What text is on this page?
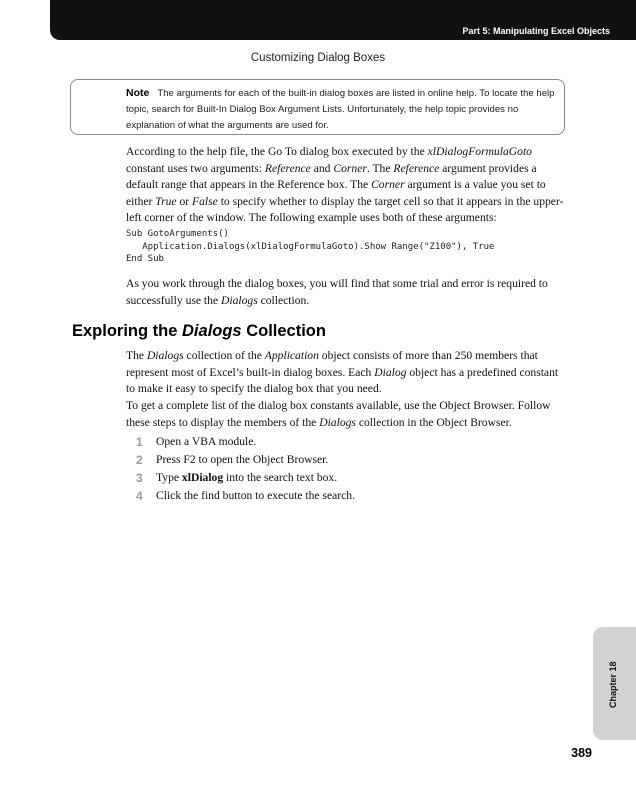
Part 5: Manipulating Excel Objects
Customizing Dialog Boxes
Note The arguments for each of the built-in dialog boxes are listed in online help. To locate the help topic, search for Built-In Dialog Box Argument Lists. Unfortunately, the help topic provides no explanation of what the arguments are used for.
According to the help file, the Go To dialog box executed by the xlDialogFormulaGoto constant uses two arguments: Reference and Corner. The Reference argument provides a default range that appears in the Reference box. The Corner argument is a value you set to either True or False to specify whether to display the target cell so that it appears in the upper-left corner of the window. The following example uses both of these arguments:
Sub GotoArguments()
Application.Dialogs(xlDialogFormulaGoto).Show Range("Z100"), True
End Sub
As you work through the dialog boxes, you will find that some trial and error is required to successfully use the Dialogs collection.
Exploring the Dialogs Collection
The Dialogs collection of the Application object consists of more than 250 members that represent most of Excel’s built-in dialog boxes. Each Dialog object has a predefined constant to make it easy to specify the dialog box that you need.
To get a complete list of the dialog box constants available, use the Object Browser. Follow these steps to display the members of the Dialogs collection in the Object Browser.
1	Open a VBA module.
2	Press F2 to open the Object Browser.
3	Type xlDialog into the search text box.
4	Click the find button to execute the search.
Chapter 18
389
